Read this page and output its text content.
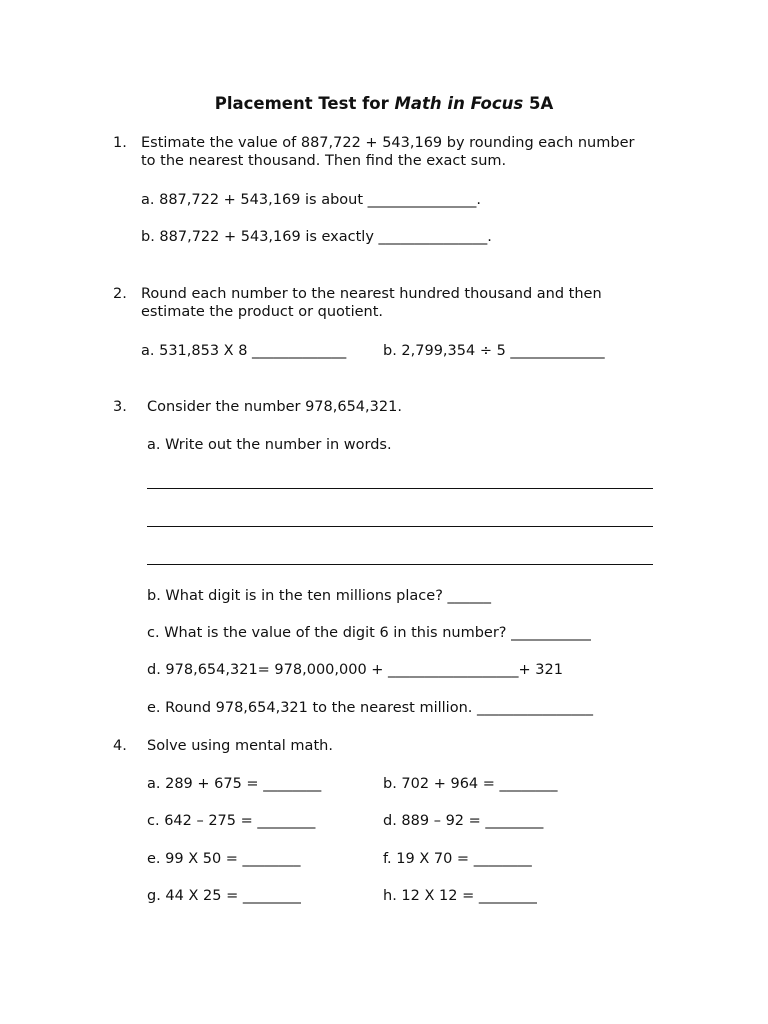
Placement Test for Math in Focus 5A
1. Estimate the value of 887,722 + 543,169 by rounding each number
to the nearest thousand. Then find the exact sum.
a. 887,722 + 543,169 is about _______________.
b. 887,722 + 543,169 is exactly _______________.
2. Round each number to the nearest hundred thousand and then
estimate the product or quotient.
a. 531,853 X 8 _____________	b. 2,799,354 ÷ 5 _____________
3. Consider the number 978,654,321.
a. Write out the number in words.
b. What digit is in the ten millions place? ______
c. What is the value of the digit 6 in this number? ___________
d. 978,654,321= 978,000,000 + __________________+ 321
e. Round 978,654,321 to the nearest million. ________________
4. Solve using mental math.
a. 289 + 675 = ________	b. 702 + 964 = ________
c. 642 – 275 = ________	d. 889 – 92 = ________
e. 99 X 50 = ________	f. 19 X 70 = ________
g. 44 X 25 = ________	h. 12 X 12 = ________
